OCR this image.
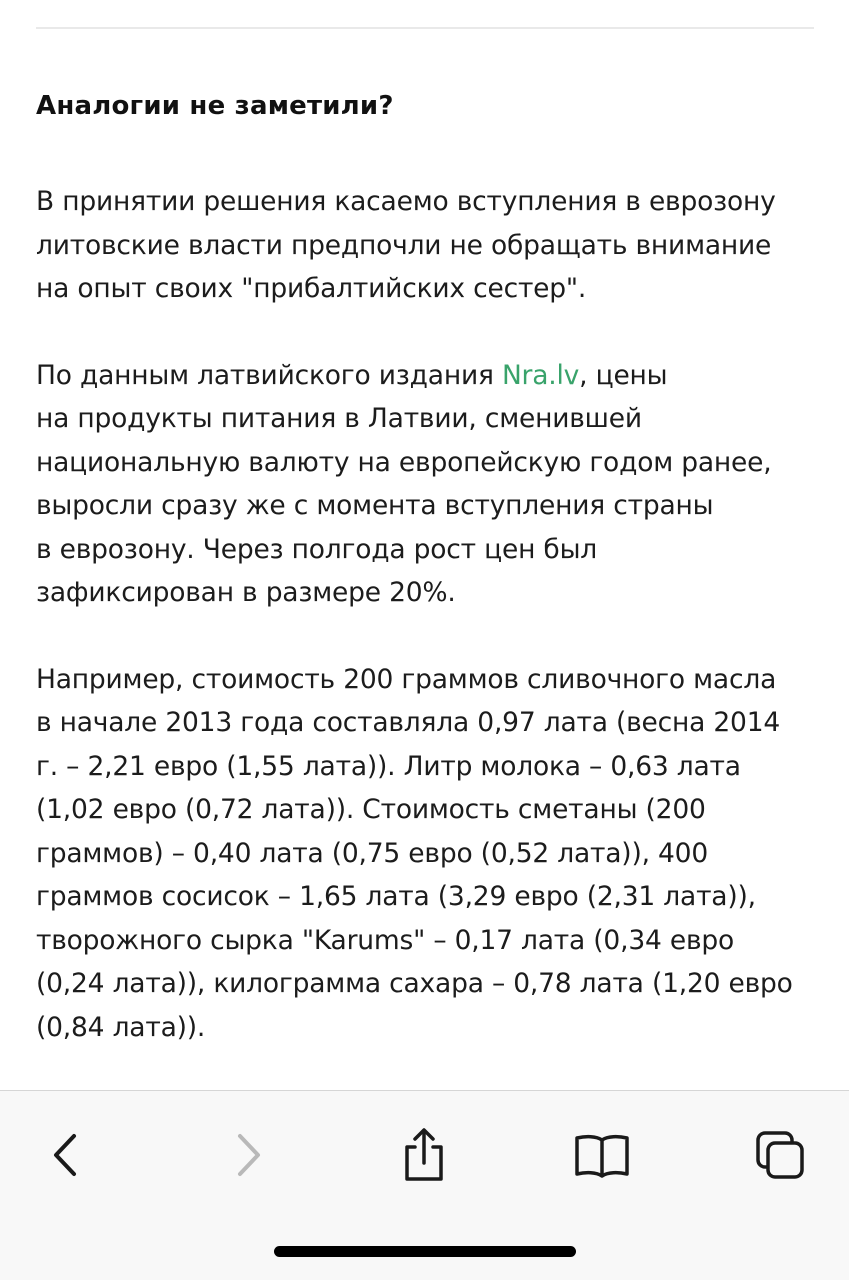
Аналогии не заметили?

В принятии решения касаемо вступления в еврозону
литовские власти предпочли не обращать внимание
на опыт своих "прибалтийских сестер".

По данным латвийского издания Nra.lv, цены
на продукты питания в Латвии, сменившей
национальную валюту на европейскую годом ранее,
выросли сразу же с момента вступления страны
в еврозону. Через полгода рост цен был
зафиксирован в размере 20%.

Например, стоимость 200 граммов сливочного масла
в начале 2013 года составляла 0,97 лата (весна 2014
г. – 2,21 евро (1,55 лата)). Литр молока – 0,63 лата
(1,02 евро (0,72 лата)). Стоимость сметаны (200
граммов) – 0,40 лата (0,75 евро (0,52 лата)), 400
граммов сосисок – 1,65 лата (3,29 евро (2,31 лата)),
творожного сырка "Karums" – 0,17 лата (0,34 евро
(0,24 лата)), килограмма сахара – 0,78 лата (1,20 евро
(0,84 лата)).
